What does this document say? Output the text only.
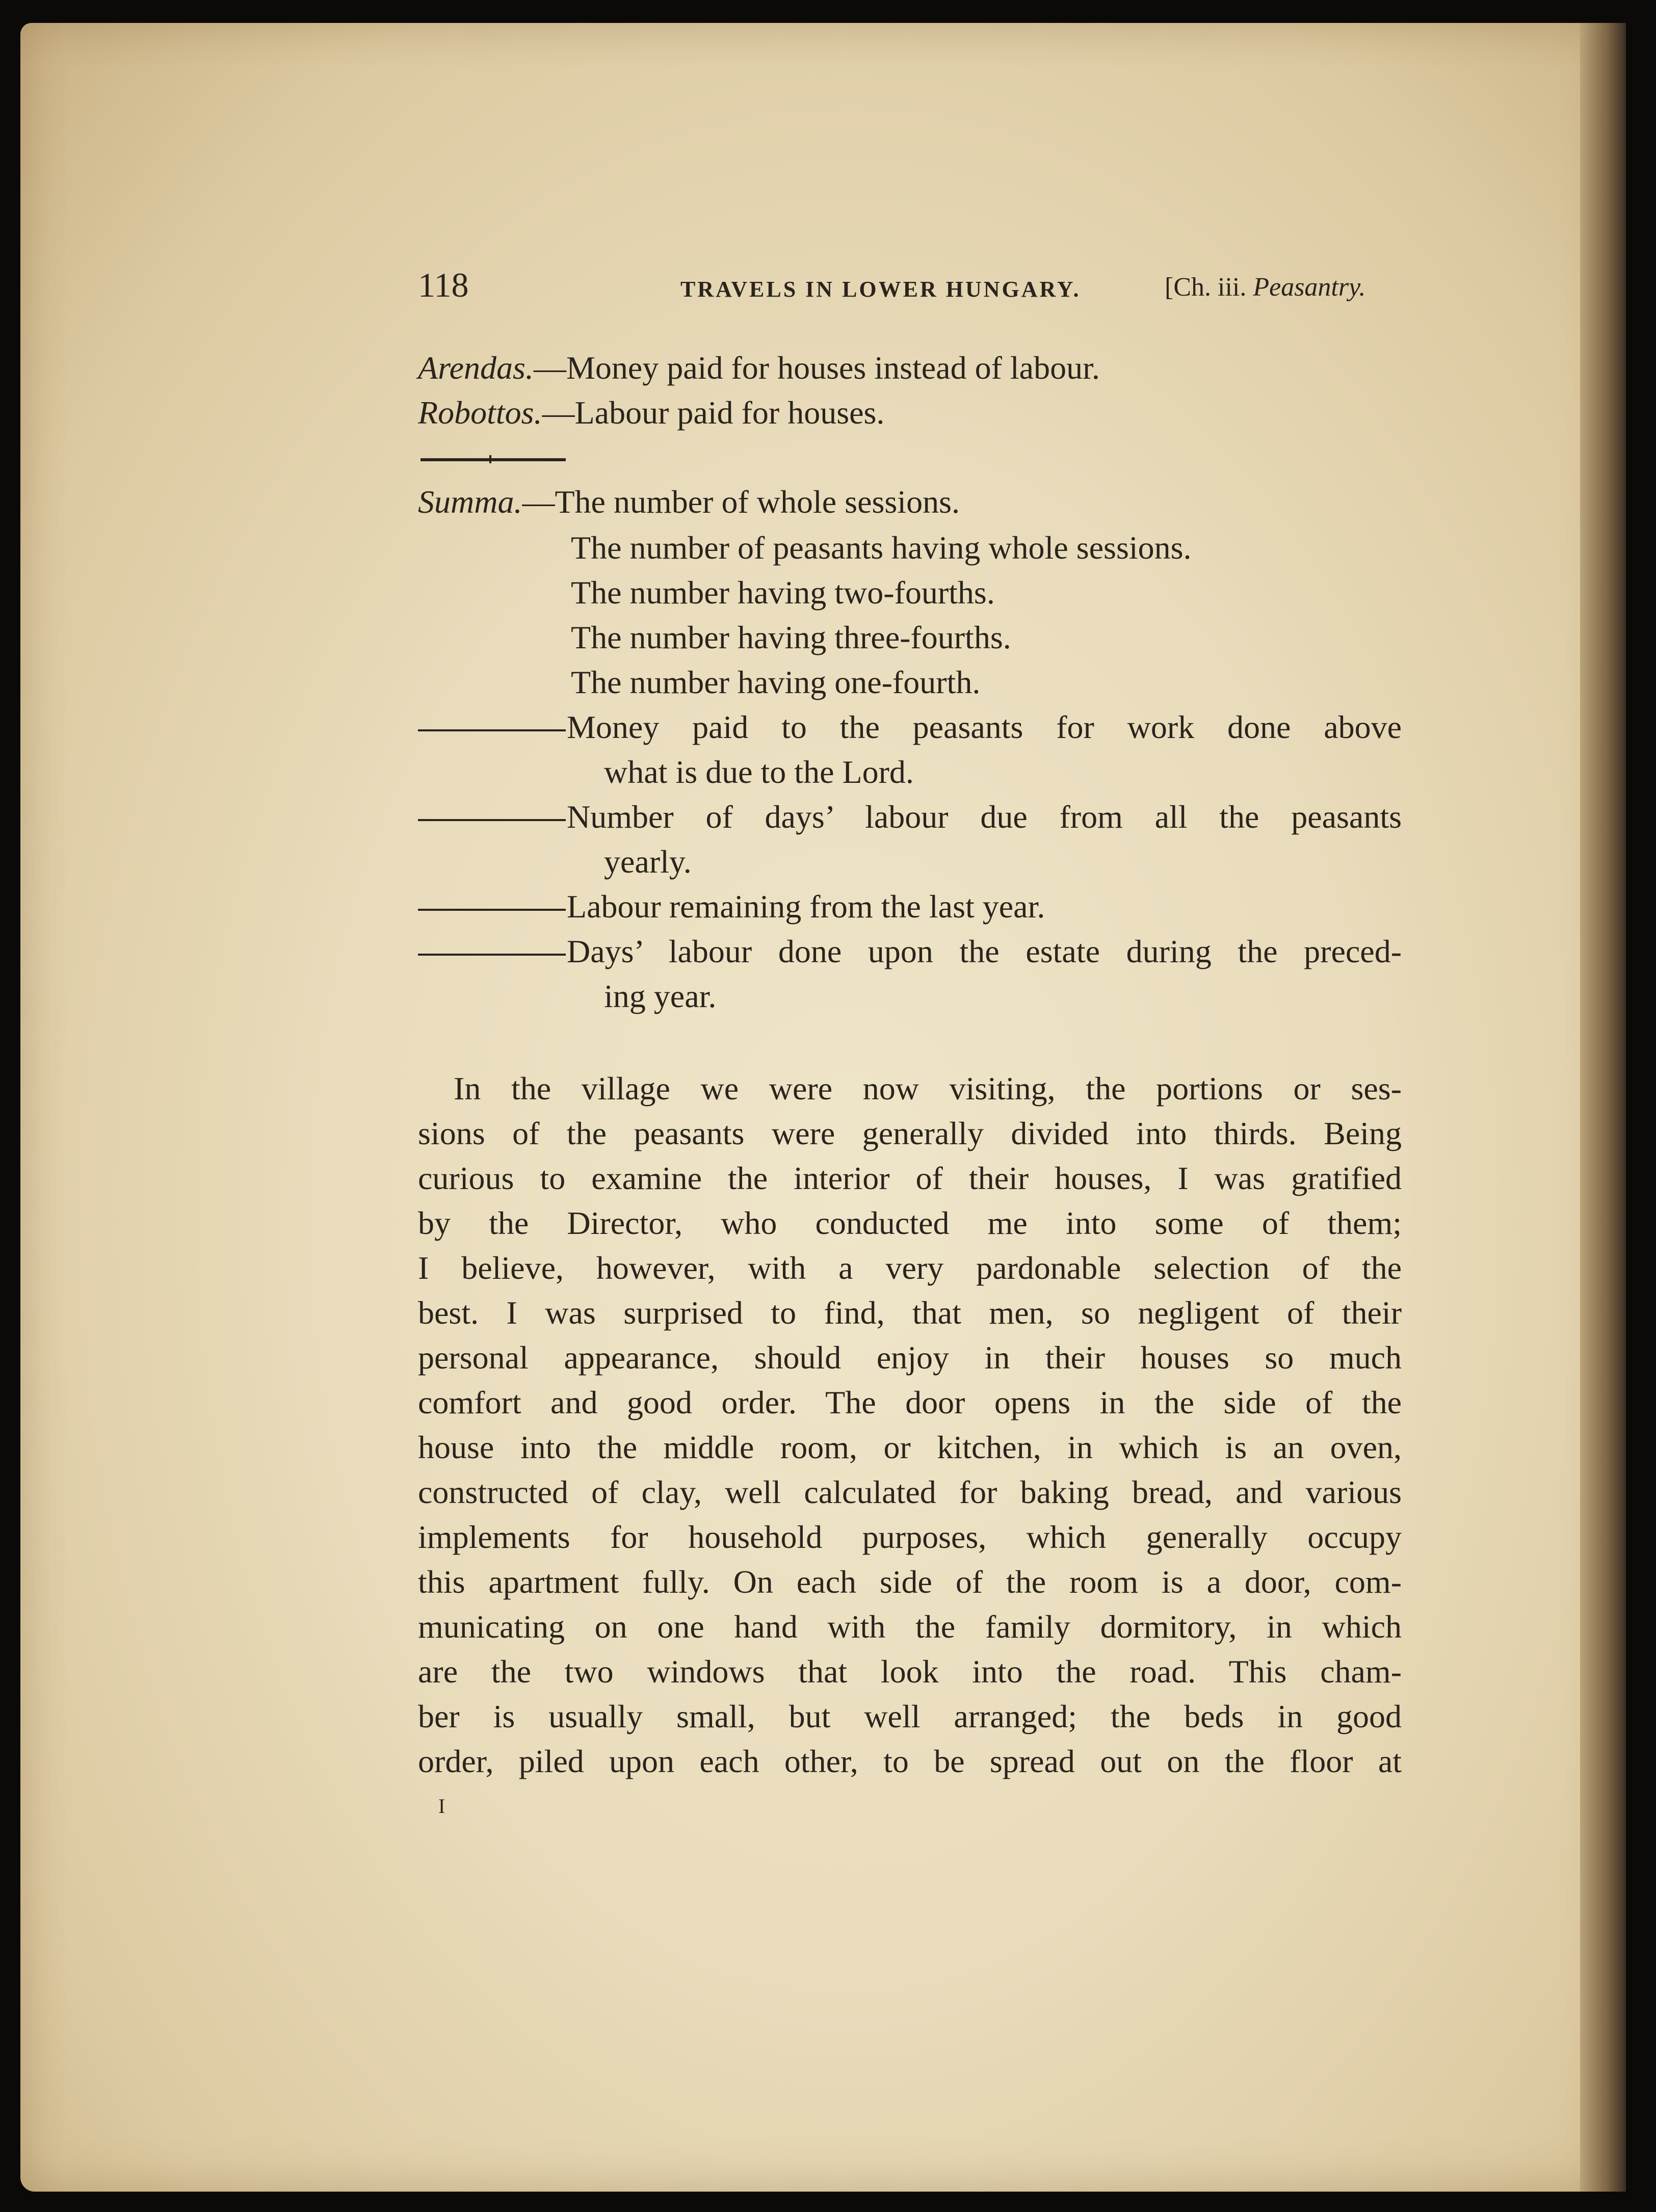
118	TRAVELS IN LOWER HUNGARY.	[Ch. iii. Peasantry.
Arendas.—Money paid for houses instead of labour.
Robottos.—Labour paid for houses.
Summa.—The number of whole sessions.
The number of peasants having whole sessions.
The number having two-fourths.
The number having three-fourths.
The number having one-fourth.
Money paid to the peasants for work done above
what is due to the Lord.
Number of days’ labour due from all the peasants
yearly.
Labour remaining from the last year.
Days’ labour done upon the estate during the preced-
ing year.
In the village we were now visiting, the portions or ses-
sions of the peasants were generally divided into thirds. Being
curious to examine the interior of their houses, I was gratified
by the Director, who conducted me into some of them;
I believe, however, with a very pardonable selection of the
best. I was surprised to find, that men, so negligent of their
personal appearance, should enjoy in their houses so much
comfort and good order. The door opens in the side of the
house into the middle room, or kitchen, in which is an oven,
constructed of clay, well calculated for baking bread, and various
implements for household purposes, which generally occupy
this apartment fully. On each side of the room is a door, com-
municating on one hand with the family dormitory, in which
are the two windows that look into the road. This cham-
ber is usually small, but well arranged; the beds in good
order, piled upon each other, to be spread out on the floor at
I
